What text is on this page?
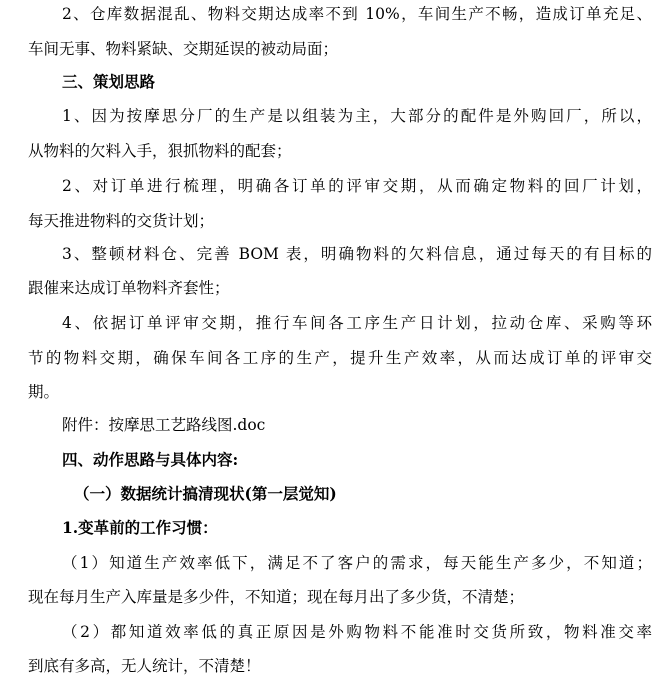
2、仓库数据混乱、物料交期达成率不到 10%，车间生产不畅，造成订单充足、
车间无事、物料紧缺、交期延误的被动局面；
三、策划思路
1、因为按摩思分厂的生产是以组装为主，大部分的配件是外购回厂，所以，
从物料的欠料入手，狠抓物料的配套；
2、对订单进行梳理，明确各订单的评审交期，从而确定物料的回厂计划，
每天推进物料的交货计划；
3、整顿材料仓、完善 BOM 表，明确物料的欠料信息，通过每天的有目标的
跟催来达成订单物料齐套性；
4、依据订单评审交期，推行车间各工序生产日计划，拉动仓库、采购等环
节的物料交期，确保车间各工序的生产，提升生产效率，从而达成订单的评审交
期。
附件：按摩思工艺路线图.doc
四、动作思路与具体内容:
（一）数据统计搞清现状(第一层觉知)
1.变革前的工作习惯：
（1）知道生产效率低下，满足不了客户的需求，每天能生产多少，不知道；
现在每月生产入库量是多少件，不知道；现在每月出了多少货，不清楚；
（2）都知道效率低的真正原因是外购物料不能准时交货所致，物料准交率
到底有多高，无人统计，不清楚！
